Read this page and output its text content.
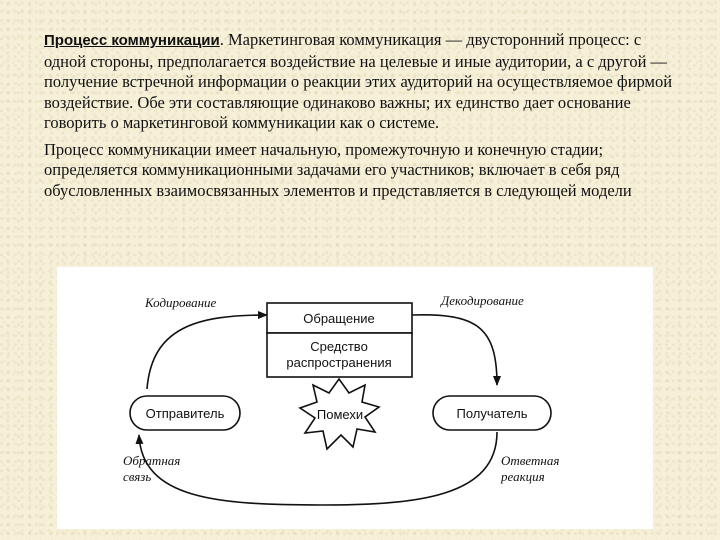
Процесс коммуникации. Маркетинговая коммуникация — двусторонний процесс: с одной стороны, предполагается воздействие на целевые и иные аудитории, а с другой — получение встречной информации о реакции этих аудиторий на осуществляемое фирмой воздействие. Обе эти составляющие одинаково важны; их единство дает основание говорить о маркетинговой коммуникации как о системе.

Процесс коммуникации имеет начальную, промежуточную и конечную стадии; определяется коммуникационными задачами его участников; включает в себя ряд обусловленных взаимосвязанных элементов и представляется в следующей модели

Обращение
Средство
распространения
Отправитель	Получатель
Помехи
Кодирование	Декодирование
Обратная
связь
Ответная
реакция
